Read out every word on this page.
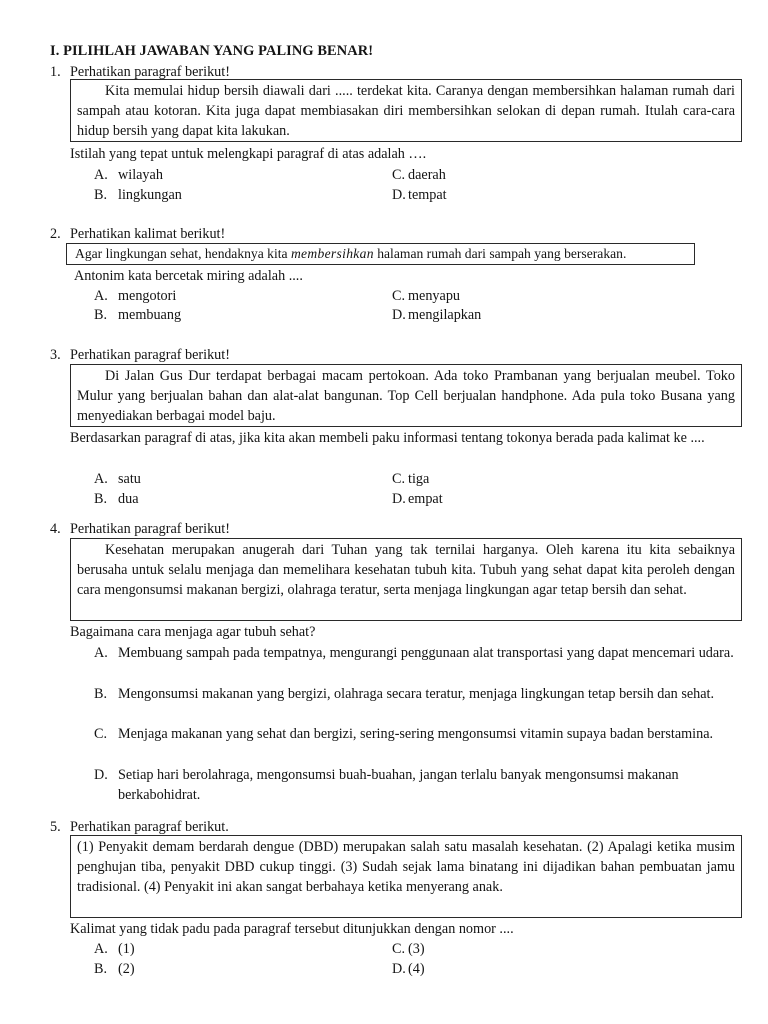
I. PILIHLAH JAWABAN YANG PALING BENAR!
1. Perhatikan paragraf berikut!

Kita memulai hidup bersih diawali dari ..... terdekat kita. Caranya dengan membersihkan halaman rumah dari sampah atau kotoran. Kita juga dapat membiasakan diri membersihkan selokan di depan rumah. Itulah cara-cara hidup bersih yang dapat kita lakukan.

Istilah yang tepat untuk melengkapi paragraf di atas adalah ….
A. wilayah
B. lingkungan
C. daerah
D. tempat
2. Perhatikan kalimat berikut!
Agar lingkungan sehat, hendaknya kita membersihkan halaman rumah dari sampah yang berserakan.
Antonim kata bercetak miring adalah ....
A. mengotori
B. membuang
C. menyapu
D. mengilapkan
3. Perhatikan paragraf berikut!

Di Jalan Gus Dur terdapat berbagai macam pertokoan. Ada toko Prambanan yang berjualan meubel. Toko Mulur yang berjualan bahan dan alat-alat bangunan. Top Cell berjualan handphone. Ada pula toko Busana yang menyediakan berbagai model baju.

Berdasarkan paragraf di atas, jika kita akan membeli paku informasi tentang tokonya berada pada kalimat ke ....
A. satu
B. dua
C. tiga
D. empat
4. Perhatikan paragraf berikut!

Kesehatan merupakan anugerah dari Tuhan yang tak ternilai harganya. Oleh karena itu kita sebaiknya berusaha untuk selalu menjaga dan memelihara kesehatan tubuh kita. Tubuh yang sehat dapat kita peroleh dengan cara mengonsumsi makanan bergizi, olahraga teratur, serta menjaga lingkungan agar tetap bersih dan sehat.

Bagaimana cara menjaga agar tubuh sehat?
A. Membuang sampah pada tempatnya, mengurangi penggunaan alat transportasi yang dapat mencemari udara.
B. Mengonsumsi makanan yang bergizi, olahraga secara teratur, menjaga lingkungan tetap bersih dan sehat.
C. Menjaga makanan yang sehat dan bergizi, sering-sering mengonsumsi vitamin supaya badan berstamina.
D. Setiap hari berolahraga, mengonsumsi buah-buahan, jangan terlalu banyak mengonsumsi makanan berkabohidrat.
5. Perhatikan paragraf berikut.

(1) Penyakit demam berdarah dengue (DBD) merupakan salah satu masalah kesehatan. (2) Apalagi ketika musim penghujan tiba, penyakit DBD cukup tinggi. (3) Sudah sejak lama binatang ini dijadikan bahan pembuatan jamu tradisional. (4) Penyakit ini akan sangat berbahaya ketika menyerang anak.

Kalimat yang tidak padu pada paragraf tersebut ditunjukkan dengan nomor ....
A. (1)
B. (2)
C. (3)
D. (4)
